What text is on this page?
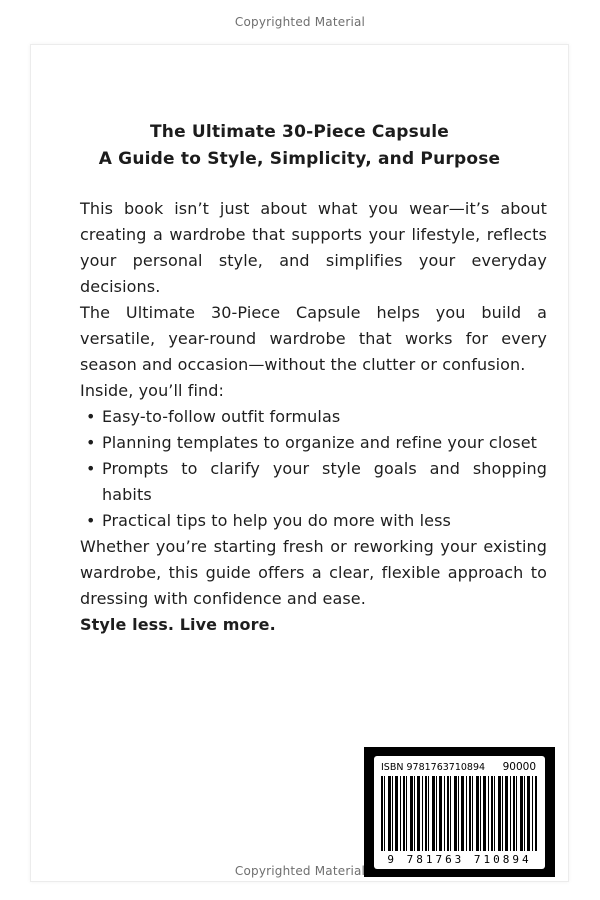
Copyrighted Material
The Ultimate 30-Piece Capsule
A Guide to Style, Simplicity, and Purpose

This book isn’t just about what you wear—it’s about creating a wardrobe that supports your lifestyle, reflects your personal style, and simplifies your everyday decisions.

The Ultimate 30-Piece Capsule helps you build a versatile, year-round wardrobe that works for every season and occasion—without the clutter or confusion.

Inside, you’ll find:

• Easy-to-follow outfit formulas
• Planning templates to organize and refine your closet
• Prompts to clarify your style goals and shopping habits
• Practical tips to help you do more with less

Whether you’re starting fresh or reworking your existing wardrobe, this guide offers a clear, flexible approach to dressing with confidence and ease.

Style less. Live more.

ISBN 9781763710894 90000
9 781763 710894
Copyrighted Material
